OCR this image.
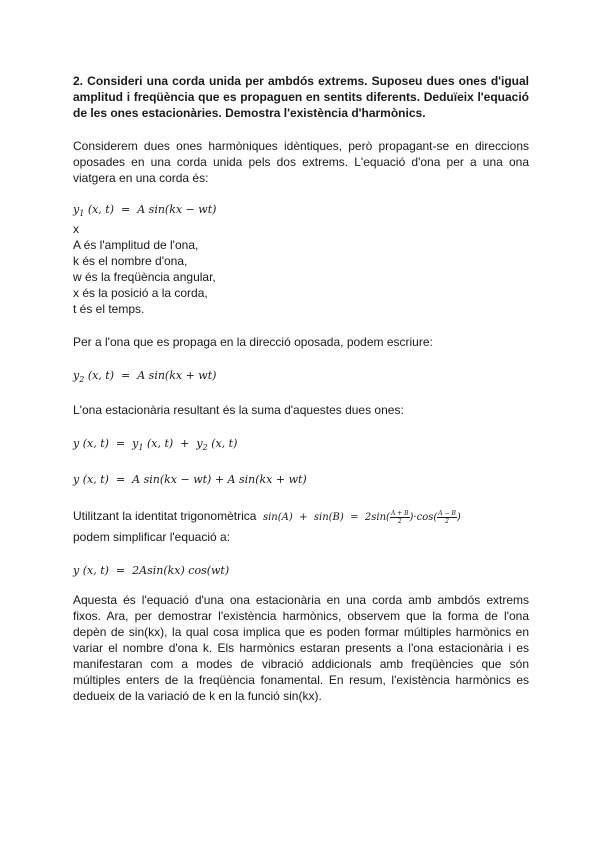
2. Consideri una corda unida per ambdós extrems. Suposeu dues ones d'igual amplitud i freqüència que es propaguen en sentits diferents. Deduïeix l'equació de les ones estacionàries. Demostra l'existència d'harmònics.
Considerem dues ones harmòniques idèntiques, però propagant-se en direccions oposades en una corda unida pels dos extrems. L'equació d'ona per a una ona viatgera en una corda és:
$y_1$ (x, t) = A sin(kx − wt)
x
A és l'amplitud de l'ona,
k és el nombre d'ona,
w és la freqüència angular,
x és la posició a la corda,
t és el temps.
Per a l'ona que es propaga en la direcció oposada, podem escriure:
$y_2$ (x, t) = A sin(kx + wt)
L'ona estacionària resultant és la suma d'aquestes dues ones:
y (x, $t) = y_1$ (x, $t) + y_2$ (x, t)
y (x, t) = A sin(kx − wt) + A sin(kx + wt)
Utilitzant la identitat trigonomètrica $\sin(A) + \sin(B) = 2\sin( \frac{A + B}{2} )\cdot\cos( \frac{A - B}{2}$ )
podem simplificar l'equació a:
y (x, t) = 2Asin(kx) cos(wt)
Aquesta és l'equació d'una ona estacionària en una corda amb ambdós extrems fixos. Ara, per demostrar l'existència harmònics, observem que la forma de l'ona depèn de sin(kx), la qual cosa implica que es poden formar múltiples harmònics en variar el nombre d'ona k. Els harmònics estaran presents a l'ona estacionària i es manifestaran com a modes de vibració addicionals amb freqüències que són múltiples enters de la freqüència fonamental. En resum, l'existència harmònics es dedueix de la variació de k en la funció sin(kx).
